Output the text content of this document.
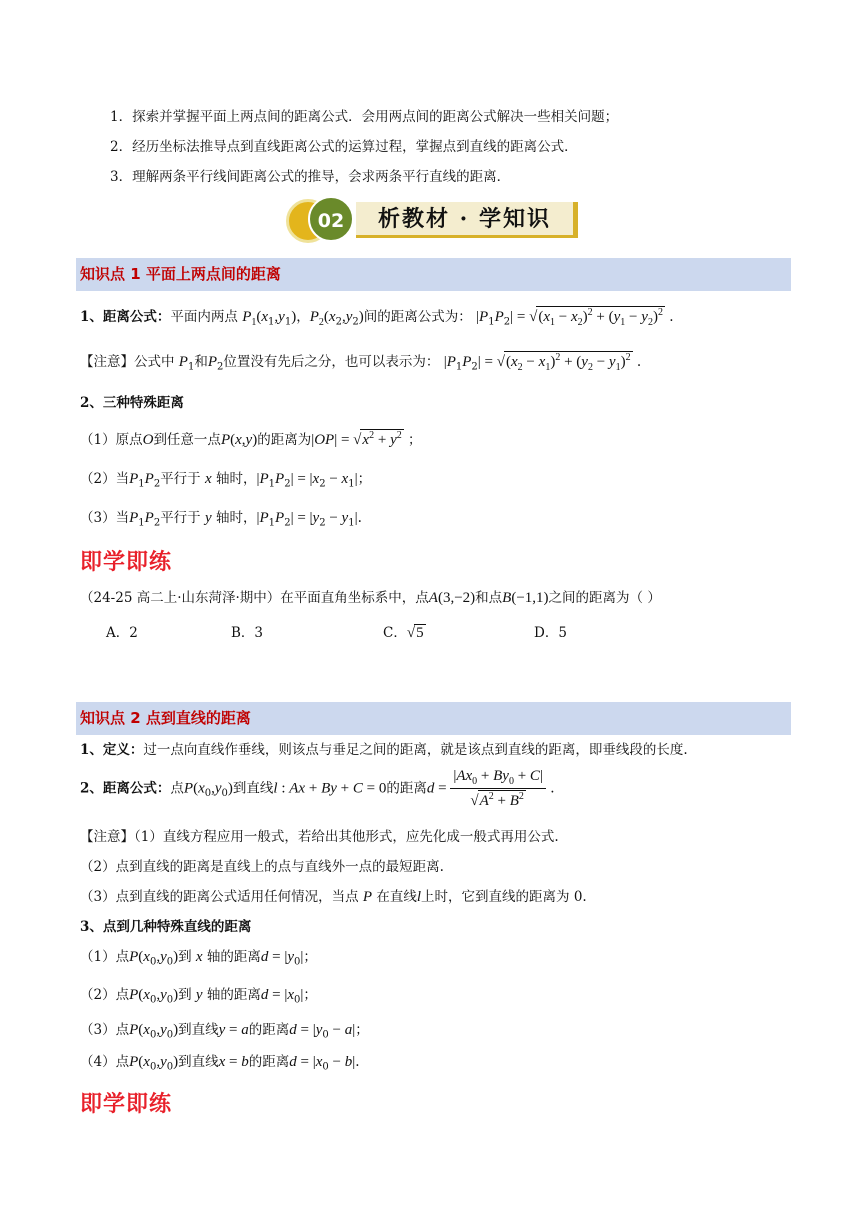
1．探索并掌握平面上两点间的距离公式．会用两点间的距离公式解决一些相关问题；
2．经历坐标法推导点到直线距离公式的运算过程，掌握点到直线的距离公式．
3．理解两条平行线间距离公式的推导，会求两条平行直线的距离．
02	析教材 · 学知识
知识点 1 平面上两点间的距离
1、距离公式：平面内两点 $P_1(x_1,y_1)$，$P_2(x_2,y_2)$间的距离公式为： $|P_1P_2| = √(x_1 - x_2)^2 + (y_1 - y_2)^2$ .
【注意】公式中 $P_1$和$P_2$位置没有先后之分，也可以表示为： $|P_1P_2| = √(x_2 - x_1)^2 + (y_2 - y_1)^2$ .
2、三种特殊距离
（1）原点O到任意一点P(x,y)的距离为$|OP| = √x^2 + y^2$ ；
（2）当$P_1P_2$平行于 x 轴时，$|P_1P_2| = |x_2 - x_1|$；
（3）当$P_1P_2$平行于 y 轴时，$|P_1P_2| = |y_2 - y_1|$.
即学即练
（24-25 高二上·山东菏泽·期中）在平面直角坐标系中，点A(3,−2)和点B(−1,1)之间的距离为（ ）
A．2	B．3	C．√5	D．5
知识点 2 点到直线的距离
1、定义：过一点向直线作垂线，则该点与垂足之间的距离，就是该点到直线的距离，即垂线段的长度.
2、距离公式：点$P(x_0,y_0)$到直线l : Ax + By + C = 0的距离$d = \frac{|Ax_0 + By_0 + C|}{√A^2 + B^2}$ .
【注意】（1）直线方程应用一般式，若给出其他形式，应先化成一般式再用公式.
（2）点到直线的距离是直线上的点与直线外一点的最短距离.
（3）点到直线的距离公式适用任何情况，当点 P 在直线l上时，它到直线的距离为 0.
3、点到几种特殊直线的距离
（1）点$P(x_0,y_0)$到 x 轴的距离$d = |y_0|$；
（2）点$P(x_0,y_0)$到 y 轴的距离$d = |x_0|$；
（3）点$P(x_0,y_0)$到直线y = a的距离$d = |y_0 - a|$；
（4）点$P(x_0,y_0)$到直线x = b的距离$d = |x_0 - b|$.
即学即练
